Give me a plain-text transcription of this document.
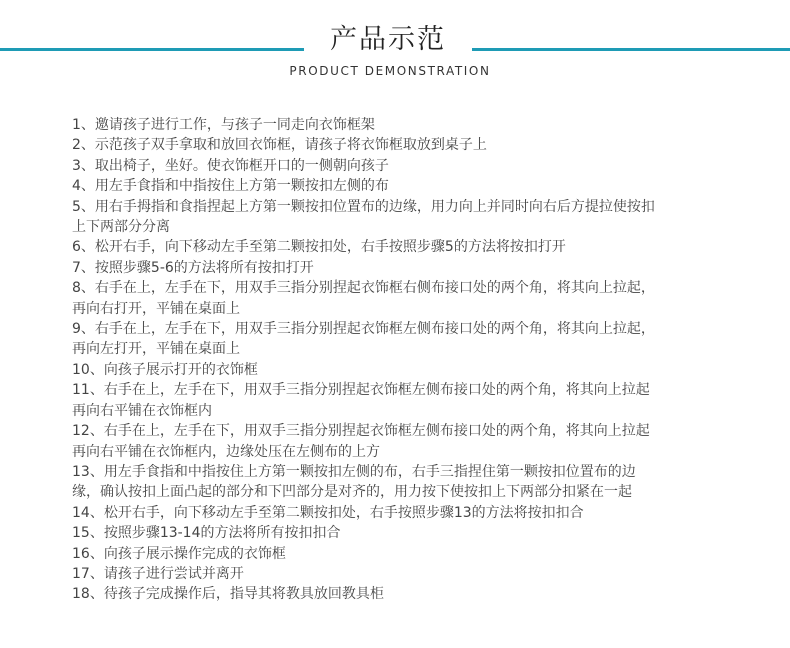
产品示范
PRODUCT DEMONSTRATION
1、邀请孩子进行工作，与孩子一同走向衣饰框架
2、示范孩子双手拿取和放回衣饰框，请孩子将衣饰框取放到桌子上
3、取出椅子，坐好。使衣饰框开口的一侧朝向孩子
4、用左手食指和中指按住上方第一颗按扣左侧的布
5、用右手拇指和食指捏起上方第一颗按扣位置布的边缘，用力向上并同时向右后方提拉使按扣上下两部分分离
6、松开右手，向下移动左手至第二颗按扣处，右手按照步骤5的方法将按扣打开
7、按照步骤5-6的方法将所有按扣打开
8、右手在上，左手在下，用双手三指分别捏起衣饰框右侧布接口处的两个角，将其向上拉起，再向右打开，平铺在桌面上
9、右手在上，左手在下，用双手三指分别捏起衣饰框左侧布接口处的两个角，将其向上拉起，再向左打开，平铺在桌面上
10、向孩子展示打开的衣饰框
11、右手在上，左手在下，用双手三指分别捏起衣饰框左侧布接口处的两个角，将其向上拉起再向右平铺在衣饰框内
12、右手在上，左手在下，用双手三指分别捏起衣饰框左侧布接口处的两个角，将其向上拉起再向右平铺在衣饰框内，边缘处压在左侧布的上方
13、用左手食指和中指按住上方第一颗按扣左侧的布，右手三指捏住第一颗按扣位置布的边缘，确认按扣上面凸起的部分和下凹部分是对齐的，用力按下使按扣上下两部分扣紧在一起
14、松开右手，向下移动左手至第二颗按扣处，右手按照步骤13的方法将按扣扣合
15、按照步骤13-14的方法将所有按扣扣合
16、向孩子展示操作完成的衣饰框
17、请孩子进行尝试并离开
18、待孩子完成操作后，指导其将教具放回教具柜
